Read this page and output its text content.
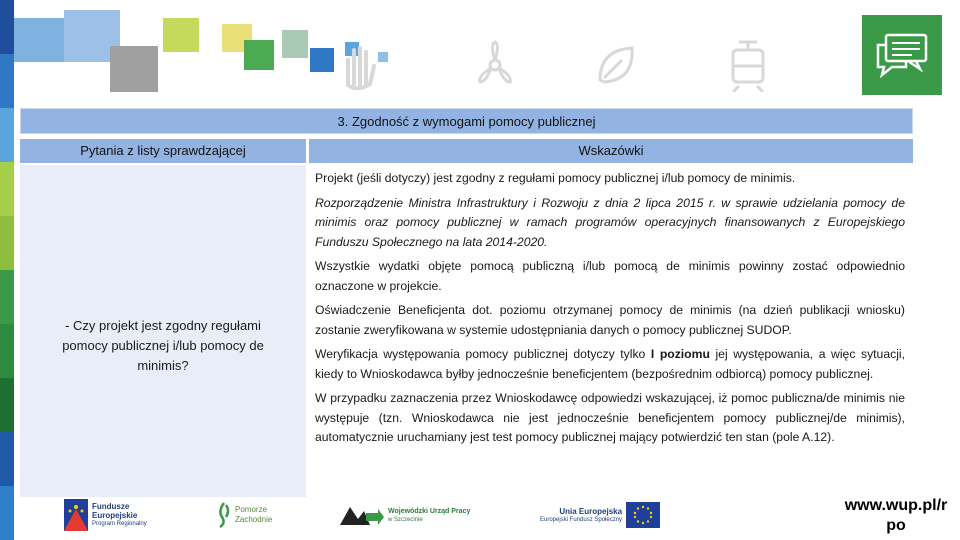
3. Zgodność z wymogami pomocy publicznej
Pytania z listy sprawdzającej	Wskazówki
- Czy projekt jest zgodny regułami pomocy publicznej i/lub pomocy de minimis?

Projekt (jeśli dotyczy) jest zgodny z regułami pomocy publicznej i/lub pomocy de minimis.

Rozporządzenie Ministra Infrastruktury i Rozwoju z dnia 2 lipca 2015 r. w sprawie udzielania pomocy de minimis oraz pomocy publicznej w ramach programów operacyjnych finansowanych z Europejskiego Funduszu Społecznego na lata 2014-2020.

Wszystkie wydatki objęte pomocą publiczną i/lub pomocą de minimis powinny zostać odpowiednio oznaczone w projekcie.

Oświadczenie Beneficjenta dot. poziomu otrzymanej pomocy de minimis (na dzień publikacji wniosku) zostanie zweryfikowana w systemie udostępniania danych o pomocy publicznej SUDOP.

Weryfikacja występowania pomocy publicznej dotyczy tylko I poziomu jej występowania, a więc sytuacji, kiedy to Wnioskodawca byłby jednocześnie beneficjentem (bezpośrednim odbiorcą) pomocy publicznej.

W przypadku zaznaczenia przez Wnioskodawcę odpowiedzi wskazującej, iż pomoc publiczna/de minimis nie występuje (tzn. Wnioskodawca nie jest jednocześnie beneficjentem pomocy publicznej/de minimis), automatycznie uruchamiany jest test pomocy publicznej mający potwierdzić ten stan (pole A.12).

Fundusze
Europejskie
Program Regionalny
Pomorze
Zachodnie
Wojewódzki Urząd Pracy
w Szczecinie
Unia Europejska
Europejski Fundusz Społeczny
www.wup.pl/r
po
